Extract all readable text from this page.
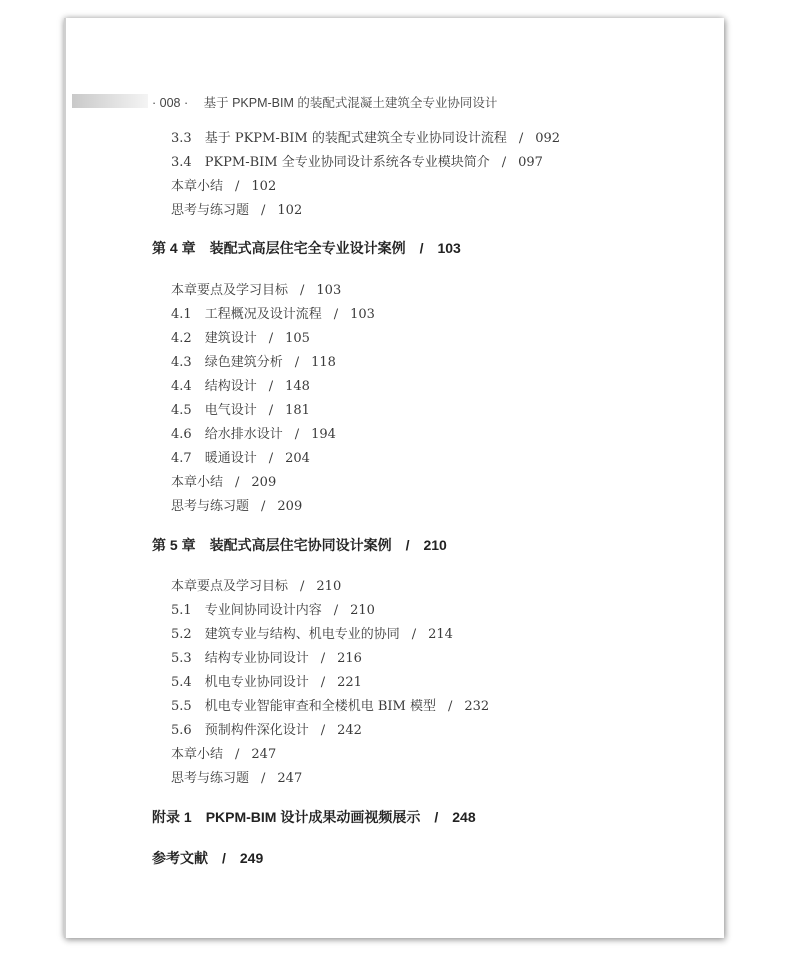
· 008 · 基于 PKPM-BIM 的装配式混凝土建筑全专业协同设计
3.3 基于 PKPM-BIM 的装配式建筑全专业协同设计流程 / 092
3.4 PKPM-BIM 全专业协同设计系统各专业模块简介 / 097
本章小结 / 102
思考与练习题 / 102
第 4 章 装配式高层住宅全专业设计案例 / 103
本章要点及学习目标 / 103
4.1 工程概况及设计流程 / 103
4.2 建筑设计 / 105
4.3 绿色建筑分析 / 118
4.4 结构设计 / 148
4.5 电气设计 / 181
4.6 给水排水设计 / 194
4.7 暖通设计 / 204
本章小结 / 209
思考与练习题 / 209
第 5 章 装配式高层住宅协同设计案例 / 210
本章要点及学习目标 / 210
5.1 专业间协同设计内容 / 210
5.2 建筑专业与结构、机电专业的协同 / 214
5.3 结构专业协同设计 / 216
5.4 机电专业协同设计 / 221
5.5 机电专业智能审查和全楼机电 BIM 模型 / 232
5.6 预制构件深化设计 / 242
本章小结 / 247
思考与练习题 / 247
附录 1 PKPM-BIM 设计成果动画视频展示 / 248
参考文献 / 249
